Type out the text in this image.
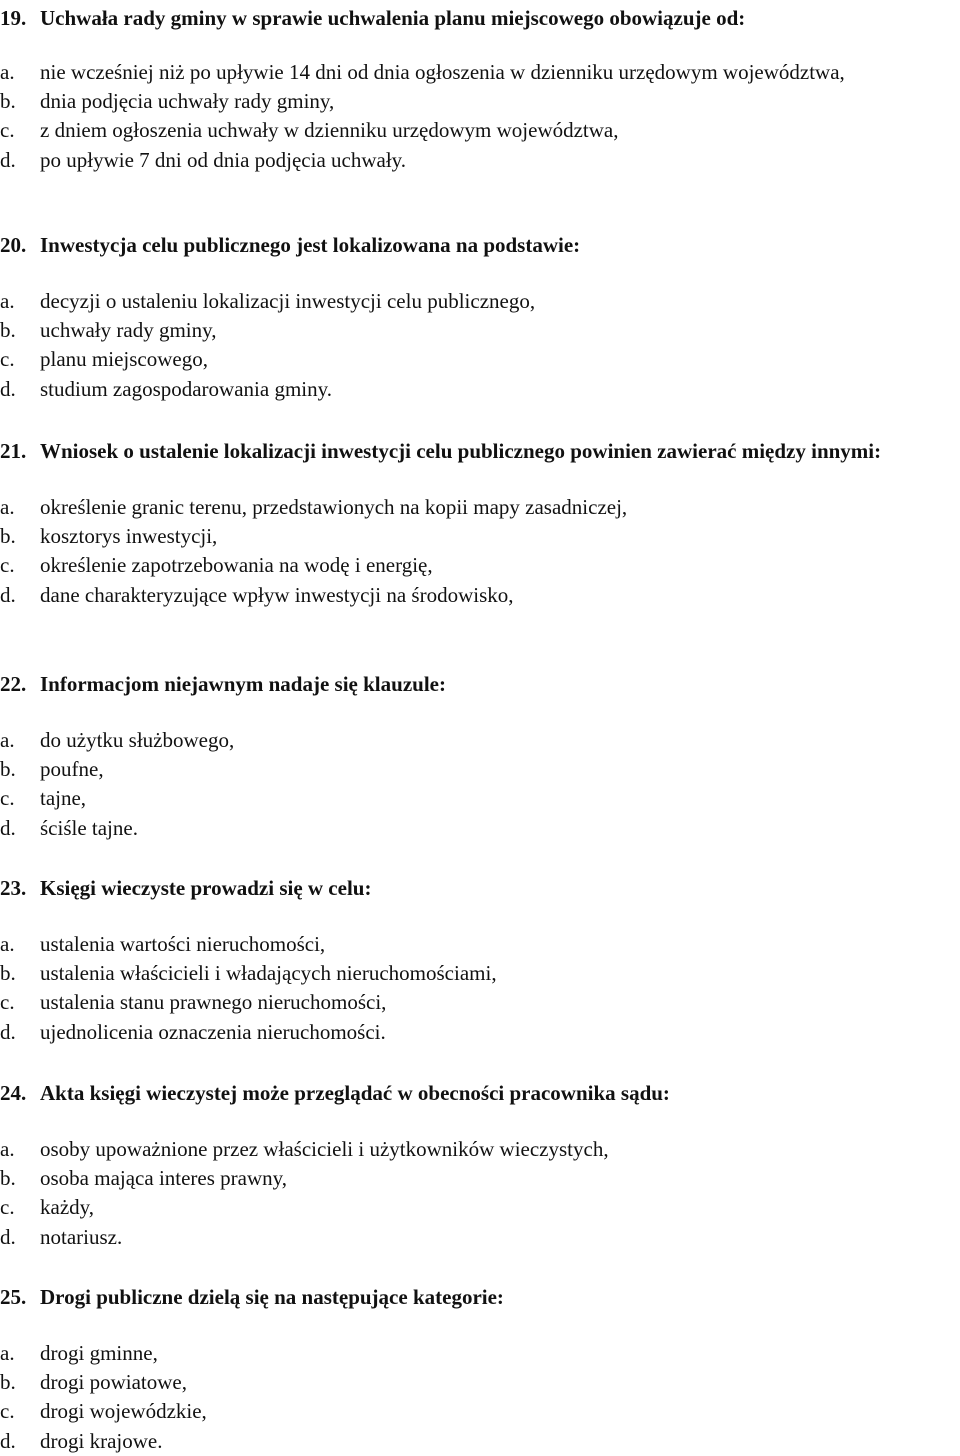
19. Uchwała rady gminy w sprawie uchwalenia planu miejscowego obowiązuje od:
a.	nie wcześniej niż po upływie 14 dni od dnia ogłoszenia w dzienniku urzędowym województwa,
b.	dnia podjęcia uchwały rady gminy,
c.	z dniem ogłoszenia uchwały w dzienniku urzędowym województwa,
d.	po upływie 7 dni od dnia podjęcia uchwały.
20. Inwestycja celu publicznego jest lokalizowana na podstawie:
a.	decyzji o ustaleniu lokalizacji inwestycji celu publicznego,
b.	uchwały rady gminy,
c.	planu miejscowego,
d.	studium zagospodarowania gminy.
21. Wniosek o ustalenie lokalizacji inwestycji celu publicznego powinien zawierać między innymi:
a.	określenie granic terenu, przedstawionych na kopii mapy zasadniczej,
b.	kosztorys inwestycji,
c.	określenie zapotrzebowania na wodę i energię,
d.	dane charakteryzujące wpływ inwestycji na środowisko,
22. Informacjom niejawnym nadaje się klauzule:
a.	do użytku służbowego,
b.	poufne,
c.	tajne,
d.	ściśle tajne.
23. Księgi wieczyste prowadzi się w celu:
a.	ustalenia wartości nieruchomości,
b.	ustalenia właścicieli i władających nieruchomościami,
c.	ustalenia stanu prawnego nieruchomości,
d.	ujednolicenia oznaczenia nieruchomości.
24. Akta księgi wieczystej może przeglądać w obecności pracownika sądu:
a.	osoby upoważnione przez właścicieli i użytkowników wieczystych,
b.	osoba mająca interes prawny,
c.	każdy,
d.	notariusz.
25. Drogi publiczne dzielą się na następujące kategorie:
a.	drogi gminne,
b.	drogi powiatowe,
c.	drogi wojewódzkie,
d.	drogi krajowe.
